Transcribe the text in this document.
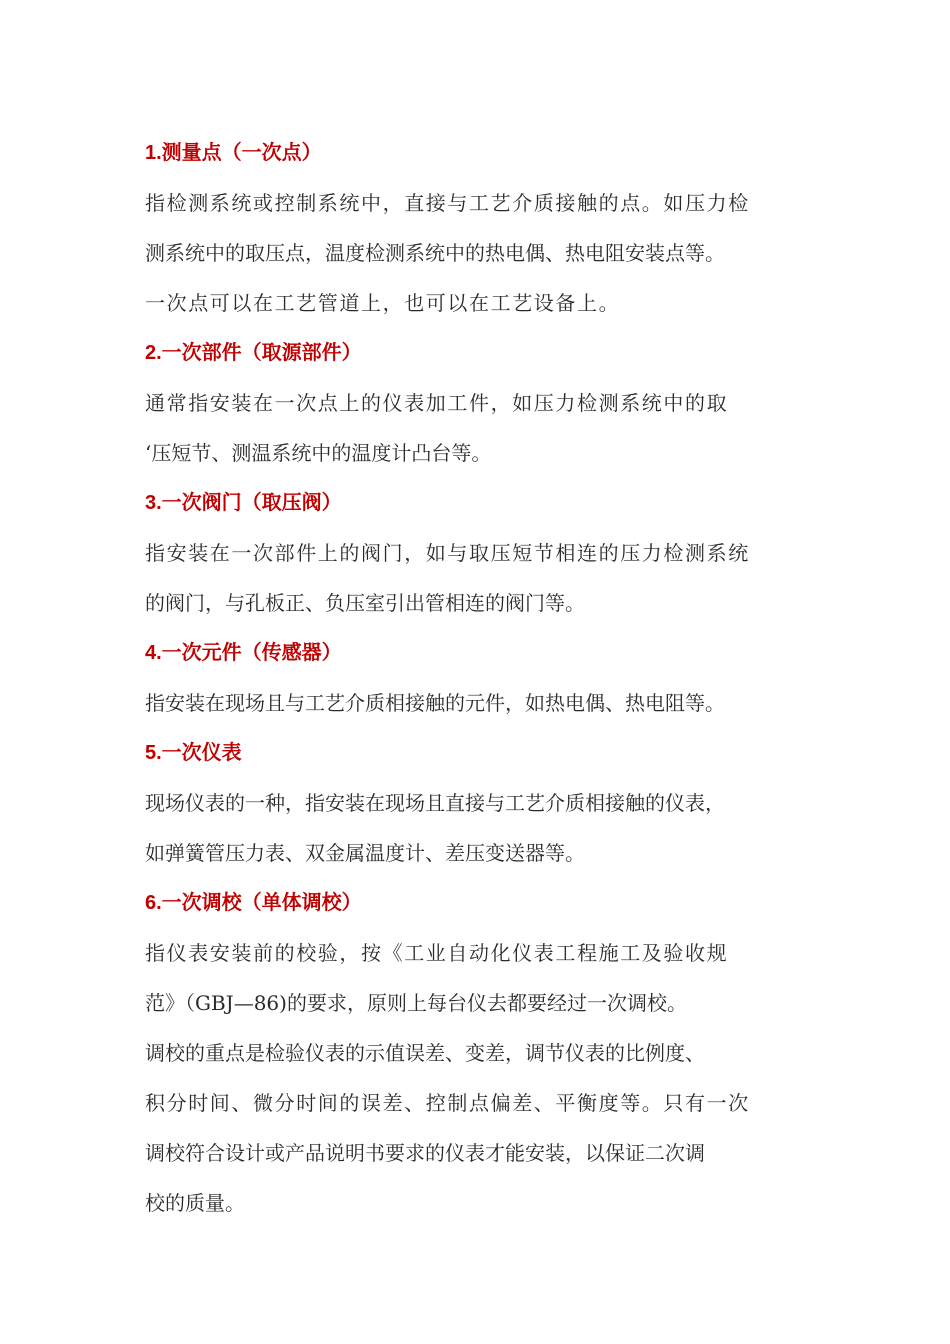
1.测量点（一次点）
指检测系统或控制系统中，直接与工艺介质接触的点。如压力检
测系统中的取压点，温度检测系统中的热电偶、热电阻安装点等。
一次点可以在工艺管道上，也可以在工艺设备上。
2.一次部件（取源部件）
通常指安装在一次点上的仪表加工件，如压力检测系统中的取
‘压短节、测温系统中的温度计凸台等。
3.一次阀门（取压阀）
指安装在一次部件上的阀门，如与取压短节相连的压力检测系统
的阀门，与孔板正、负压室引出管相连的阀门等。
4.一次元件（传感器）
指安装在现场且与工艺介质相接触的元件，如热电偶、热电阻等。
5.一次仪表
现场仪表的一种，指安装在现场且直接与工艺介质相接触的仪表，
如弹簧管压力表、双金属温度计、差压变送器等。
6.一次调校（单体调校）
指仪表安装前的校验，按《工业自动化仪表工程施工及验收规
范》（GBJ—86)的要求，原则上每台仪去都要经过一次调校。
调校的重点是检验仪表的示值误差、变差，调节仪表的比例度、
积分时间、微分时间的误差、控制点偏差、平衡度等。只有一次
调校符合设计或产品说明书要求的仪表才能安装，以保证二次调
校的质量。
